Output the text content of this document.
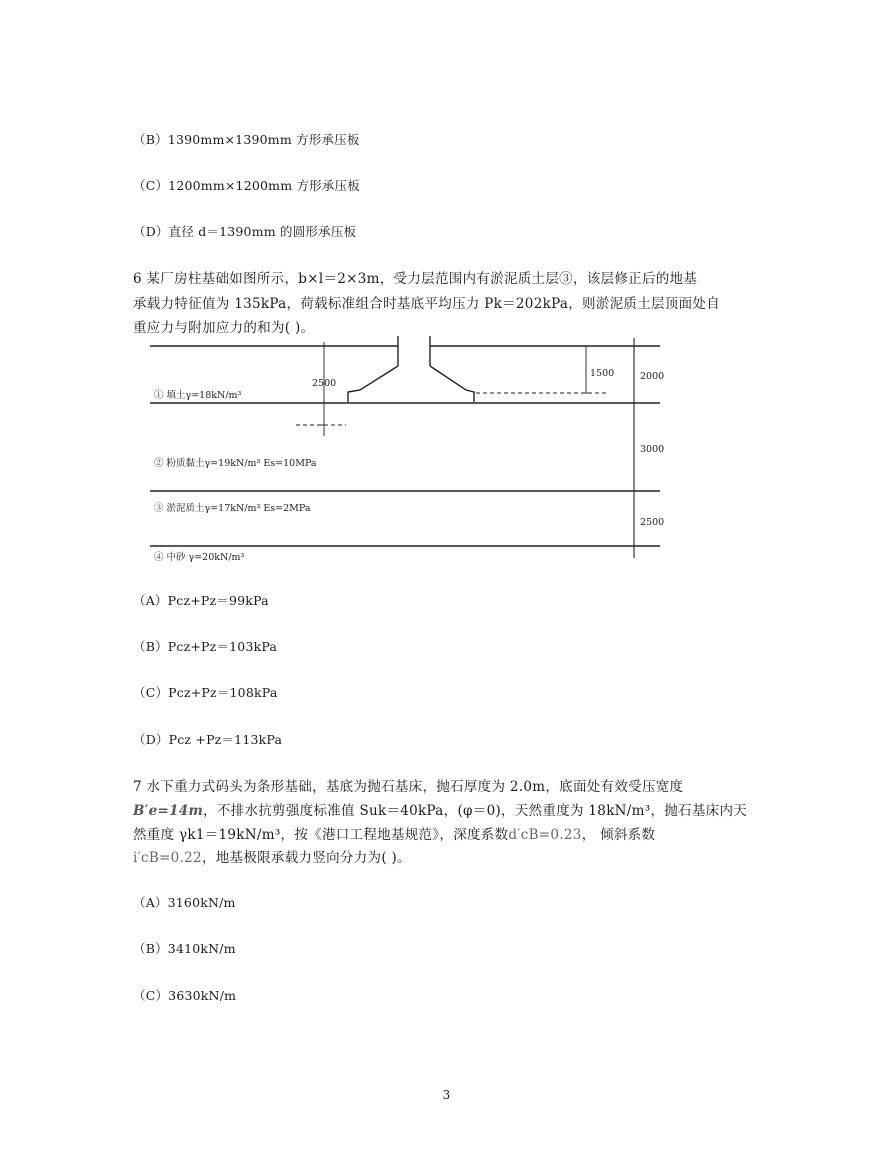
（B）1390mm×1390mm 方形承压板
（C）1200mm×1200mm 方形承压板
（D）直径 d＝1390mm 的圆形承压板
6 某厂房柱基础如图所示，b×l＝2×3m，受力层范围内有淤泥质土层③，该层修正后的地基
承载力特征值为 135kPa，荷载标准组合时基底平均压力 Pk＝202kPa，则淤泥质土层顶面处自
重应力与附加应力的和为( )。
2500
1500	2000
3000
2500
① 填土γ=18kN/m³
② 粉质黏土γ=19kN/m³ Es=10MPa
③ 淤泥质土γ=17kN/m³ Es=2MPa
④ 中砂 γ=20kN/m³
（A）Pcz+Pz＝99kPa
（B）Pcz+Pz＝103kPa
（C）Pcz+Pz＝108kPa
（D）Pcz +Pz＝113kPa
7 水下重力式码头为条形基础，基底为抛石基床，抛石厚度为 2.0m，底面处有效受压宽度
B′e=14m，不排水抗剪强度标准值 Suk＝40kPa，(φ＝0)，天然重度为 18kN/m³，抛石基床内天
然重度 γk1＝19kN/m³，按《港口工程地基规范》，深度系数d′cB=0.23， 倾斜系数
i′cB=0.22，地基极限承载力竖向分力为( )。
（A）3160kN/m
（B）3410kN/m
（C）3630kN/m
3
